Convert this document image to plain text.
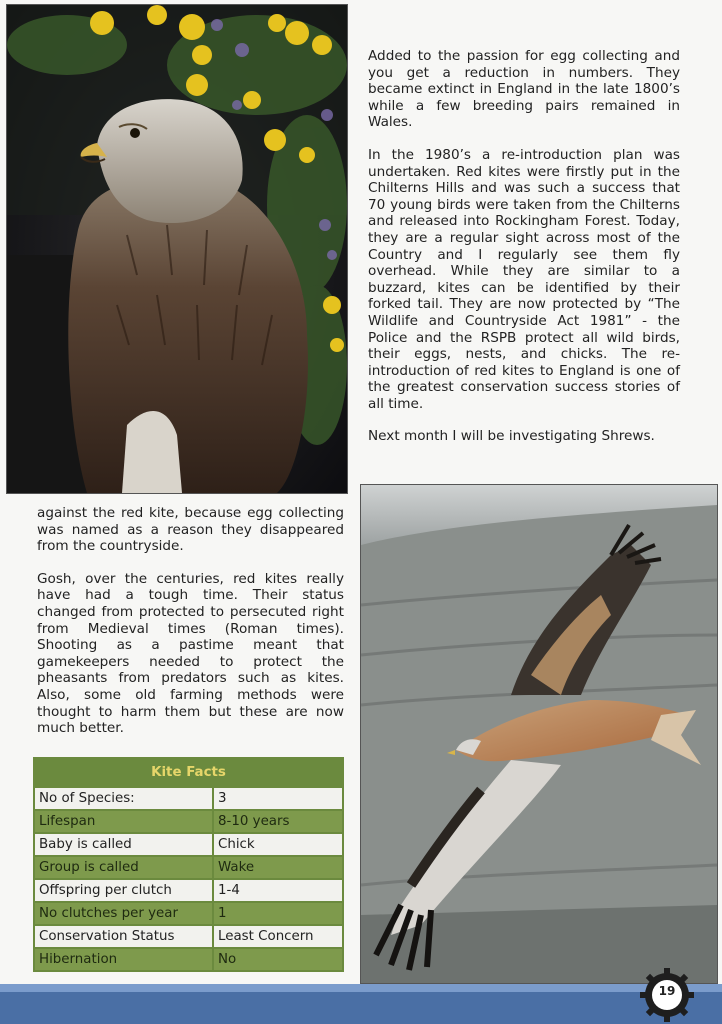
Added to the passion for egg collecting and you get a reduction in numbers. They became extinct in England in the late 1800’s while a few breeding pairs remained in Wales.

In the 1980’s a re-introduction plan was undertaken. Red kites were firstly put in the Chilterns Hills and was such a success that 70 young birds were taken from the Chilterns and released into Rockingham Forest. Today, they are a regular sight across most of the Country and I regularly see them fly overhead. While they are similar to a buzzard, kites can be identified by their forked tail. They are now protected by “The Wildlife and Countryside Act 1981” - the Police and the RSPB protect all wild birds, their eggs, nests, and chicks. The re-introduction of red kites to England is one of the greatest conservation success stories of all time.

Next month I will be investigating Shrews.

against the red kite, because egg collecting was named as a reason they disappeared from the countryside.

Gosh, over the centuries, red kites really have had a tough time. Their status changed from protected to persecuted right from Medieval times (Roman times). Shooting as a pastime meant that gamekeepers needed to protect the pheasants from predators such as kites. Also, some old farming methods were thought to harm them but these are now much better.

Kite Facts	
No of Species:	3
Lifespan	8-10 years
Baby is called	Chick
Group is called	Wake
Offspring per clutch	1-4
No clutches per year	1
Conservation Status	Least Concern
Hibernation	No
19
